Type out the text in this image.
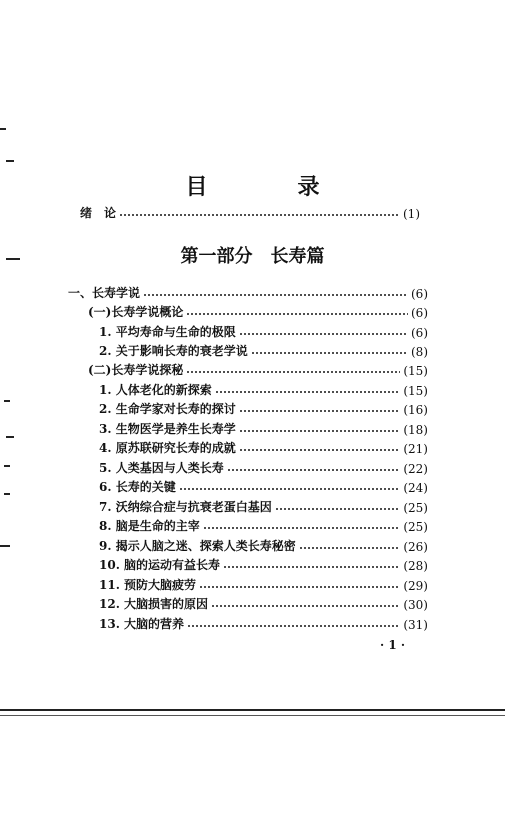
目　录
绪　论	(1)
第一部分　长寿篇
一、长寿学说	(6)
(一)长寿学说概论	(6)
1. 平均寿命与生命的极限	(6)
2. 关于影响长寿的衰老学说	(8)
(二)长寿学说探秘	(15)
1. 人体老化的新探索	(15)
2. 生命学家对长寿的探讨	(16)
3. 生物医学是养生长寿学	(18)
4. 原苏联研究长寿的成就	(21)
5. 人类基因与人类长寿	(22)
6. 长寿的关键	(24)
7. 沃纳综合症与抗衰老蛋白基因	(25)
8. 脑是生命的主宰	(25)
9. 揭示人脑之迷、探索人类长寿秘密	(26)
10. 脑的运动有益长寿	(28)
11. 预防大脑疲劳	(29)
12. 大脑损害的原因	(30)
13. 大脑的营养	(31)
· 1 ·
